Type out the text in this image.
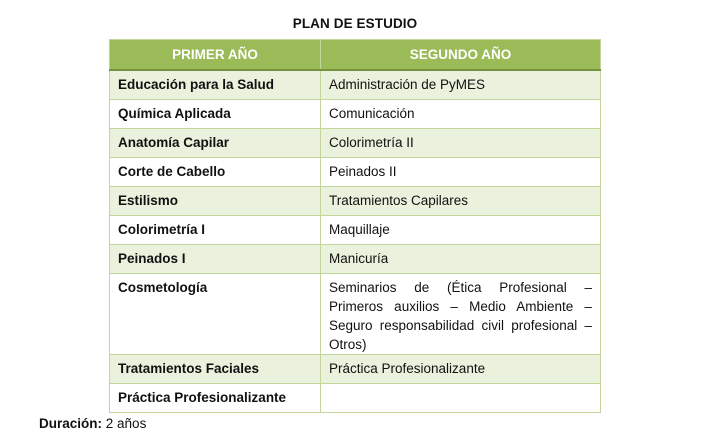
PLAN DE ESTUDIO
PRIMER AÑO	SEGUNDO AÑO
Educación para la Salud	Administración de PyMES
Química Aplicada	Comunicación
Anatomía Capilar	Colorimetría II
Corte de Cabello	Peinados II
Estilismo	Tratamientos Capilares
Colorimetría I	Maquillaje
Peinados I	Manicuría
Cosmetología	Seminarios de (Ética Profesional – Primeros auxilios – Medio Ambiente – Seguro responsabilidad civil profesional – Otros)
Tratamientos Faciales	Práctica Profesionalizante
Práctica Profesionalizante	
Duración: 2 años
